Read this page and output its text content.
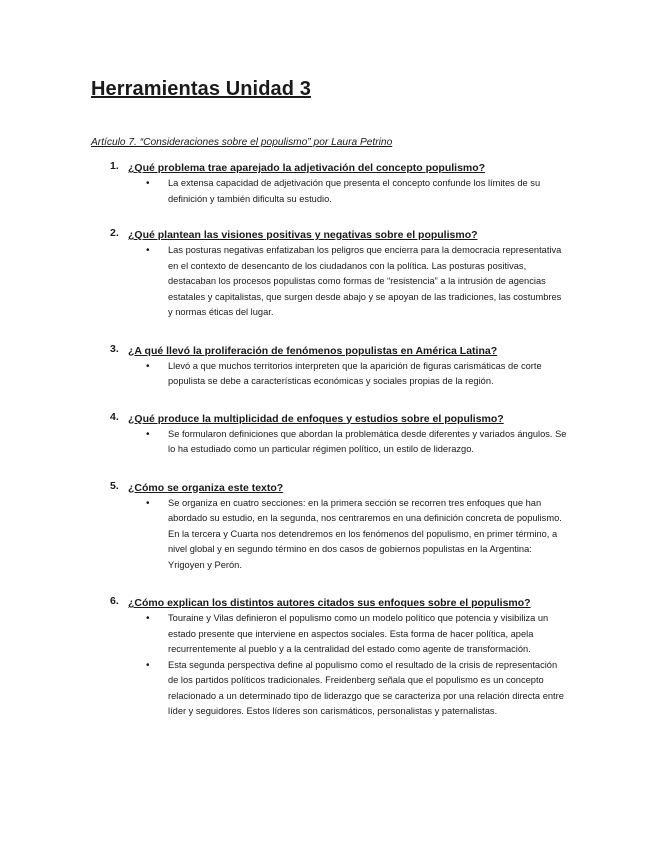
Herramientas Unidad 3

Artículo 7. “Consideraciones sobre el populismo” por Laura Petrino

1. ¿Qué problema trae aparejado la adjetivación del concepto populismo?
• La extensa capacidad de adjetivación que presenta el concepto confunde los límites de su definición y también dificulta su estudio.
2. ¿Qué plantean las visiones positivas y negativas sobre el populismo?
• Las posturas negativas enfatizaban los peligros que encierra para la democracia representativa en el contexto de desencanto de los ciudadanos con la política. Las posturas positivas, destacaban los procesos populistas como formas de “resistencia” a la intrusión de agencias estatales y capitalistas, que surgen desde abajo y se apoyan de las tradiciones, las costumbres y normas éticas del lugar.
3. ¿A qué llevó la proliferación de fenómenos populistas en América Latina?
• Llevó a que muchos territorios interpreten que la aparición de figuras carismáticas de corte populista se debe a características económicas y sociales propias de la región.
4. ¿Qué produce la multiplicidad de enfoques y estudios sobre el populismo?
• Se formularon definiciones que abordan la problemática desde diferentes y variados ángulos. Se lo ha estudiado como un particular régimen político, un estilo de liderazgo.
5. ¿Cómo se organiza este texto?
• Se organiza en cuatro secciones: en la primera sección se recorren tres enfoques que han abordado su estudio, en la segunda, nos centraremos en una definición concreta de populismo. En la tercera y Cuarta nos detendremos en los fenómenos del populismo, en primer término, a nivel global y en segundo término en dos casos de gobiernos populistas en la Argentina: Yrigoyen y Perón.
6. ¿Cómo explican los distintos autores citados sus enfoques sobre el populismo?
• Touraine y Vilas definieron el populismo como un modelo político que potencia y visibiliza un estado presente que interviene en aspectos sociales. Esta forma de hacer política, apela recurrentemente al pueblo y a la centralidad del estado como agente de transformación.
• Esta segunda perspectiva define al populismo como el resultado de la crisis de representación de los partidos políticos tradicionales. Freidenberg señala que el populismo es un concepto relacionado a un determinado tipo de liderazgo que se caracteriza por una relación directa entre líder y seguidores. Estos líderes son carismáticos, personalistas y paternalistas.
